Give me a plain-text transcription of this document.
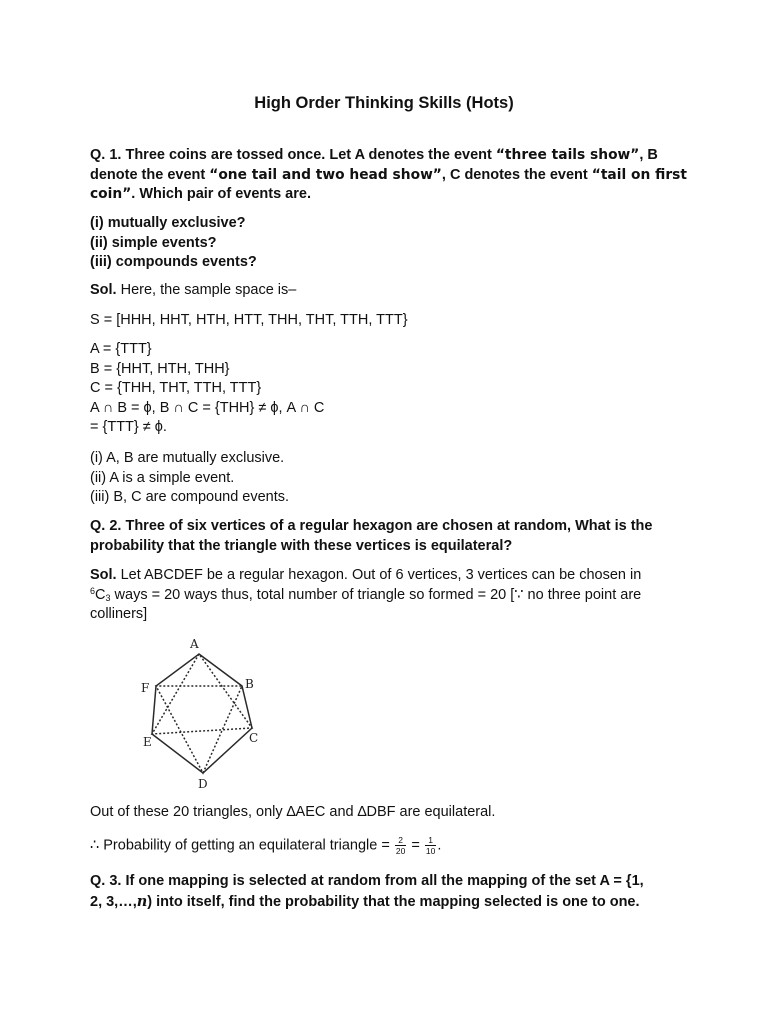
High Order Thinking Skills (Hots)
Q. 1. Three coins are tossed once. Let A denotes the event “three tails show”, B
denote the event “one tail and two head show”, C denotes the event “tail on first
coin”. Which pair of events are.
(i) mutually exclusive?
(ii) simple events?
(iii) compounds events?
Sol. Here, the sample space is–
S = [HHH, HHT, HTH, HTT, THH, THT, TTH, TTT}
A = {TTT}
B = {HHT, HTH, THH}
C = {THH, THT, TTH, TTT}
A ∩ B = ϕ, B ∩ C = {THH} ≠ ϕ, A ∩ C
= {TTT} ≠ ϕ.
(i) A, B are mutually exclusive.
(ii) A is a simple event.
(iii) B, C are compound events.
Q. 2. Three of six vertices of a regular hexagon are chosen at random, What is the
probability that the triangle with these vertices is equilateral?
Sol. Let ABCDEF be a regular hexagon. Out of 6 vertices, 3 vertices can be chosen in
$^6C_3$ ways = 20 ways thus, total number of triangle so formed = 20 [∵ no three point are
colliners]
A
B
C
D
E
F
Out of these 20 triangles, only ∆AEC and ∆DBF are equilateral.
∴ Probability of getting an equilateral triangle = $\frac{2}{20} = \frac{1}{10}$ .
Q. 3. If one mapping is selected at random from all the mapping of the set A = {1,
2, 3,…,n) into itself, find the probability that the mapping selected is one to one.
